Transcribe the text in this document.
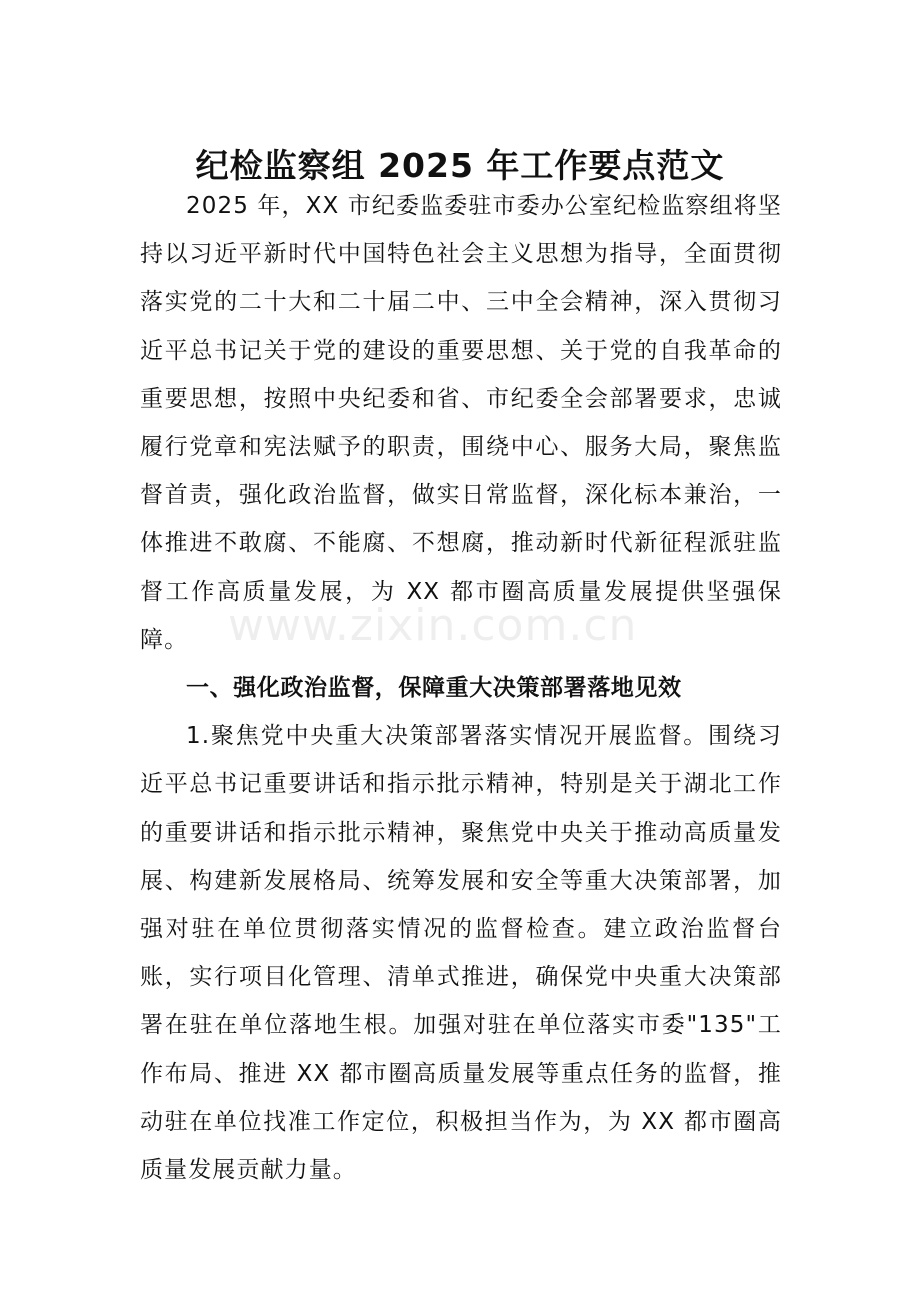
纪检监察组 2025 年工作要点范文

2025 年，XX 市纪委监委驻市委办公室纪检监察组将坚持以习近平新时代中国特色社会主义思想为指导，全面贯彻落实党的二十大和二十届二中、三中全会精神，深入贯彻习近平总书记关于党的建设的重要思想、关于党的自我革命的重要思想，按照中央纪委和省、市纪委全会部署要求，忠诚履行党章和宪法赋予的职责，围绕中心、服务大局，聚焦监督首责，强化政治监督，做实日常监督，深化标本兼治，一体推进不敢腐、不能腐、不想腐，推动新时代新征程派驻监督工作高质量发展，为 XX 都市圈高质量发展提供坚强保障。

一、强化政治监督，保障重大决策部署落地见效

1.聚焦党中央重大决策部署落实情况开展监督。围绕习近平总书记重要讲话和指示批示精神，特别是关于湖北工作的重要讲话和指示批示精神，聚焦党中央关于推动高质量发展、构建新发展格局、统筹发展和安全等重大决策部署，加强对驻在单位贯彻落实情况的监督检查。建立政治监督台账，实行项目化管理、清单式推进，确保党中央重大决策部署在驻在单位落地生根。加强对驻在单位落实市委"135"工作布局、推进 XX 都市圈高质量发展等重点任务的监督，推动驻在单位找准工作定位，积极担当作为，为 XX 都市圈高质量发展贡献力量。

www.zixin.com.cn
